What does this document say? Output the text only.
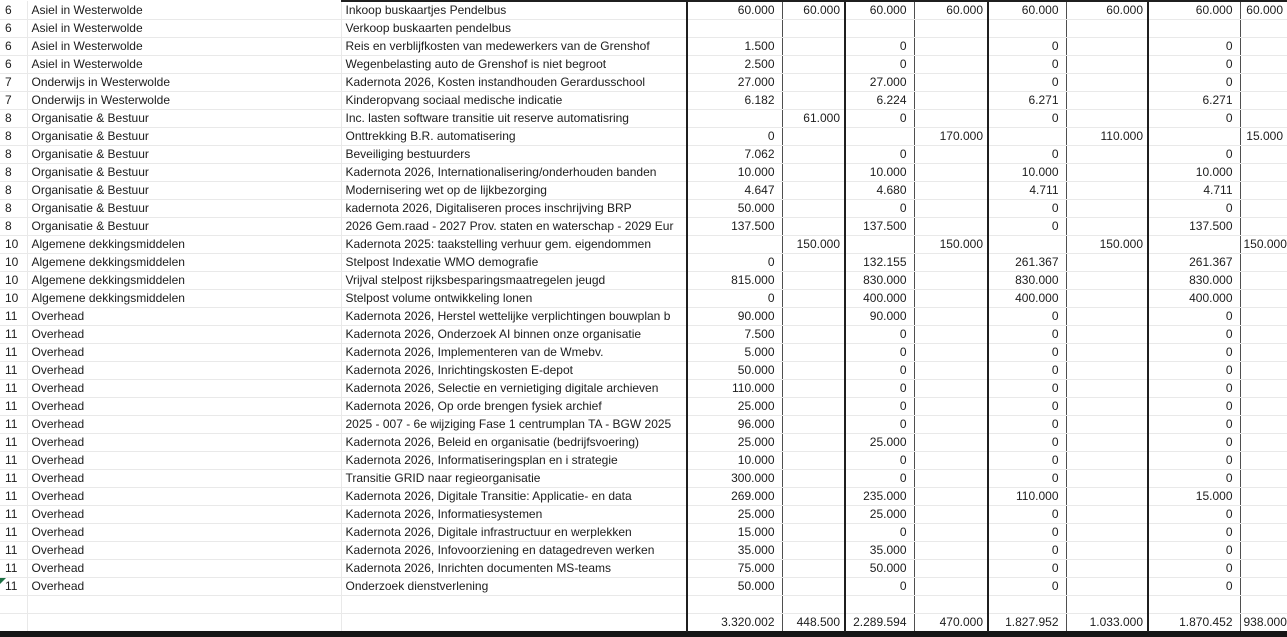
6	Asiel in Westerwolde	Inkoop buskaartjes Pendelbus	60.000	60.000	60.000	60.000	60.000	60.000	60.000	60.000
6	Asiel in Westerwolde	Verkoop buskaarten pendelbus								
6	Asiel in Westerwolde	Reis en verblijfkosten van medewerkers van de Grenshof	1.500		0		0		0	
6	Asiel in Westerwolde	Wegenbelasting auto de Grenshof is niet begroot	2.500		0		0		0	
7	Onderwijs in Westerwolde	Kadernota 2026, Kosten instandhouden Gerardusschool	27.000		27.000		0		0	
7	Onderwijs in Westerwolde	Kinderopvang sociaal medische indicatie	6.182		6.224		6.271		6.271	
8	Organisatie & Bestuur	Inc. lasten software transitie uit reserve automatisring		61.000	0		0		0	
8	Organisatie & Bestuur	Onttrekking B.R. automatisering	0			170.000		110.000		15.000
8	Organisatie & Bestuur	Beveiliging bestuurders	7.062		0		0		0	
8	Organisatie & Bestuur	Kadernota 2026, Internationalisering/onderhouden banden	10.000		10.000		10.000		10.000	
8	Organisatie & Bestuur	Modernisering wet op de lijkbezorging	4.647		4.680		4.711		4.711	
8	Organisatie & Bestuur	kadernota 2026, Digitaliseren proces inschrijving BRP	50.000		0		0		0	
8	Organisatie & Bestuur	2026 Gem.raad - 2027 Prov. staten en waterschap - 2029 Eur	137.500		137.500		0		137.500	
10	Algemene dekkingsmiddelen	Kadernota 2025: taakstelling verhuur gem. eigendommen		150.000		150.000		150.000		150.000
10	Algemene dekkingsmiddelen	Stelpost Indexatie WMO demografie	0		132.155		261.367		261.367	
10	Algemene dekkingsmiddelen	Vrijval stelpost rijksbesparingsmaatregelen jeugd	815.000		830.000		830.000		830.000	
10	Algemene dekkingsmiddelen	Stelpost volume ontwikkeling lonen	0		400.000		400.000		400.000	
11	Overhead	Kadernota 2026, Herstel wettelijke verplichtingen bouwplan b	90.000		90.000		0		0	
11	Overhead	Kadernota 2026, Onderzoek AI binnen onze organisatie	7.500		0		0		0	
11	Overhead	Kadernota 2026, Implementeren van de Wmebv.	5.000		0		0		0	
11	Overhead	Kadernota 2026, Inrichtingskosten E-depot	50.000		0		0		0	
11	Overhead	Kadernota 2026, Selectie en vernietiging digitale archieven	110.000		0		0		0	
11	Overhead	Kadernota 2026, Op orde brengen fysiek archief	25.000		0		0		0	
11	Overhead	2025 - 007 - 6e wijziging Fase 1 centrumplan TA - BGW 2025	96.000		0		0		0	
11	Overhead	Kadernota 2026, Beleid en organisatie (bedrijfsvoering)	25.000		25.000		0		0	
11	Overhead	Kadernota 2026, Informatiseringsplan en i strategie	10.000		0		0		0	
11	Overhead	Transitie GRID naar regieorganisatie	300.000		0		0		0	
11	Overhead	Kadernota 2026, Digitale Transitie: Applicatie- en data	269.000		235.000		110.000		15.000	
11	Overhead	Kadernota 2026, Informatiesystemen	25.000		25.000		0		0	
11	Overhead	Kadernota 2026, Digitale infrastructuur en werplekken	15.000		0		0		0	
11	Overhead	Kadernota 2026, Infovoorziening en datagedreven werken	35.000		35.000		0		0	
11	Overhead	Kadernota 2026, Inrichten documenten MS-teams	75.000		50.000		0		0	
11	Overhead	Onderzoek dienstverlening	50.000		0		0		0	

			3.320.002	448.500	2.289.594	470.000	1.827.952	1.033.000	1.870.452	938.000
